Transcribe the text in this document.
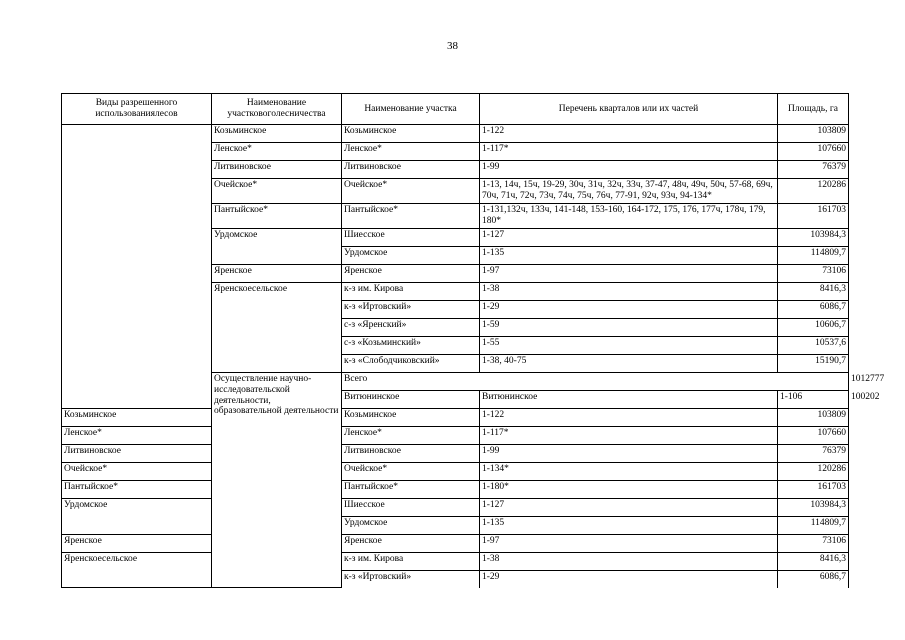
38
Виды разрешенного использованиялесов	Наименование участковоголесничества	Наименование участка	Перечень кварталов или их частей	Площадь, га	
	Козьминское	Козьминское	1-122	103809	
	Ленское*	Ленское*	1-117*	107660	
	Литвиновское	Литвиновское	1-99	76379	
	Очейское*	Очейское*	1-13, 14ч, 15ч, 19-29, 30ч, 31ч, 32ч, 33ч, 37-47, 48ч, 49ч, 50ч, 57-68, 69ч, 70ч, 71ч, 72ч, 73ч, 74ч, 75ч, 76ч, 77-91, 92ч, 93ч, 94-134*	120286	
	Пантыйское*	Пантыйское*	1-131,132ч, 133ч, 141-148, 153-160, 164-172, 175, 176, 177ч, 178ч, 179, 180*	161703	
	Урдомское	Шиесское	1-127	103984,3	
		Урдомское	1-135	114809,7	
	Яренское	Яренское	1-97	73106	
	Яренскоесельское	к-з им. Кирова	1-38	8416,3	
		к-з «Иртовский»	1-29	6086,7	
		с-з «Яренский»	1-59	10606,7	
		с-з «Козьминский»	1-55	10537,6	
		к-з «Слободчиковский»	1-38, 40-75	15190,7	
	Осуществление научно-исследовательской деятельности, образовательной деятельности	Всего			1012777
		Витюнинское	Витюнинское	1-106	100202
Козьминское		Козьминское	1-122	103809	
Ленское*		Ленское*	1-117*	107660	
Литвиновское		Литвиновское	1-99	76379	
Очейское*		Очейское*	1-134*	120286	
Пантыйское*		Пантыйское*	1-180*	161703	
Урдомское		Шиесское	1-127	103984,3	
		Урдомское	1-135	114809,7	
Яренское		Яренское	1-97	73106	
Яренскоесельское		к-з им. Кирова	1-38	8416,3	
		к-з «Иртовский»	1-29	6086,7	
